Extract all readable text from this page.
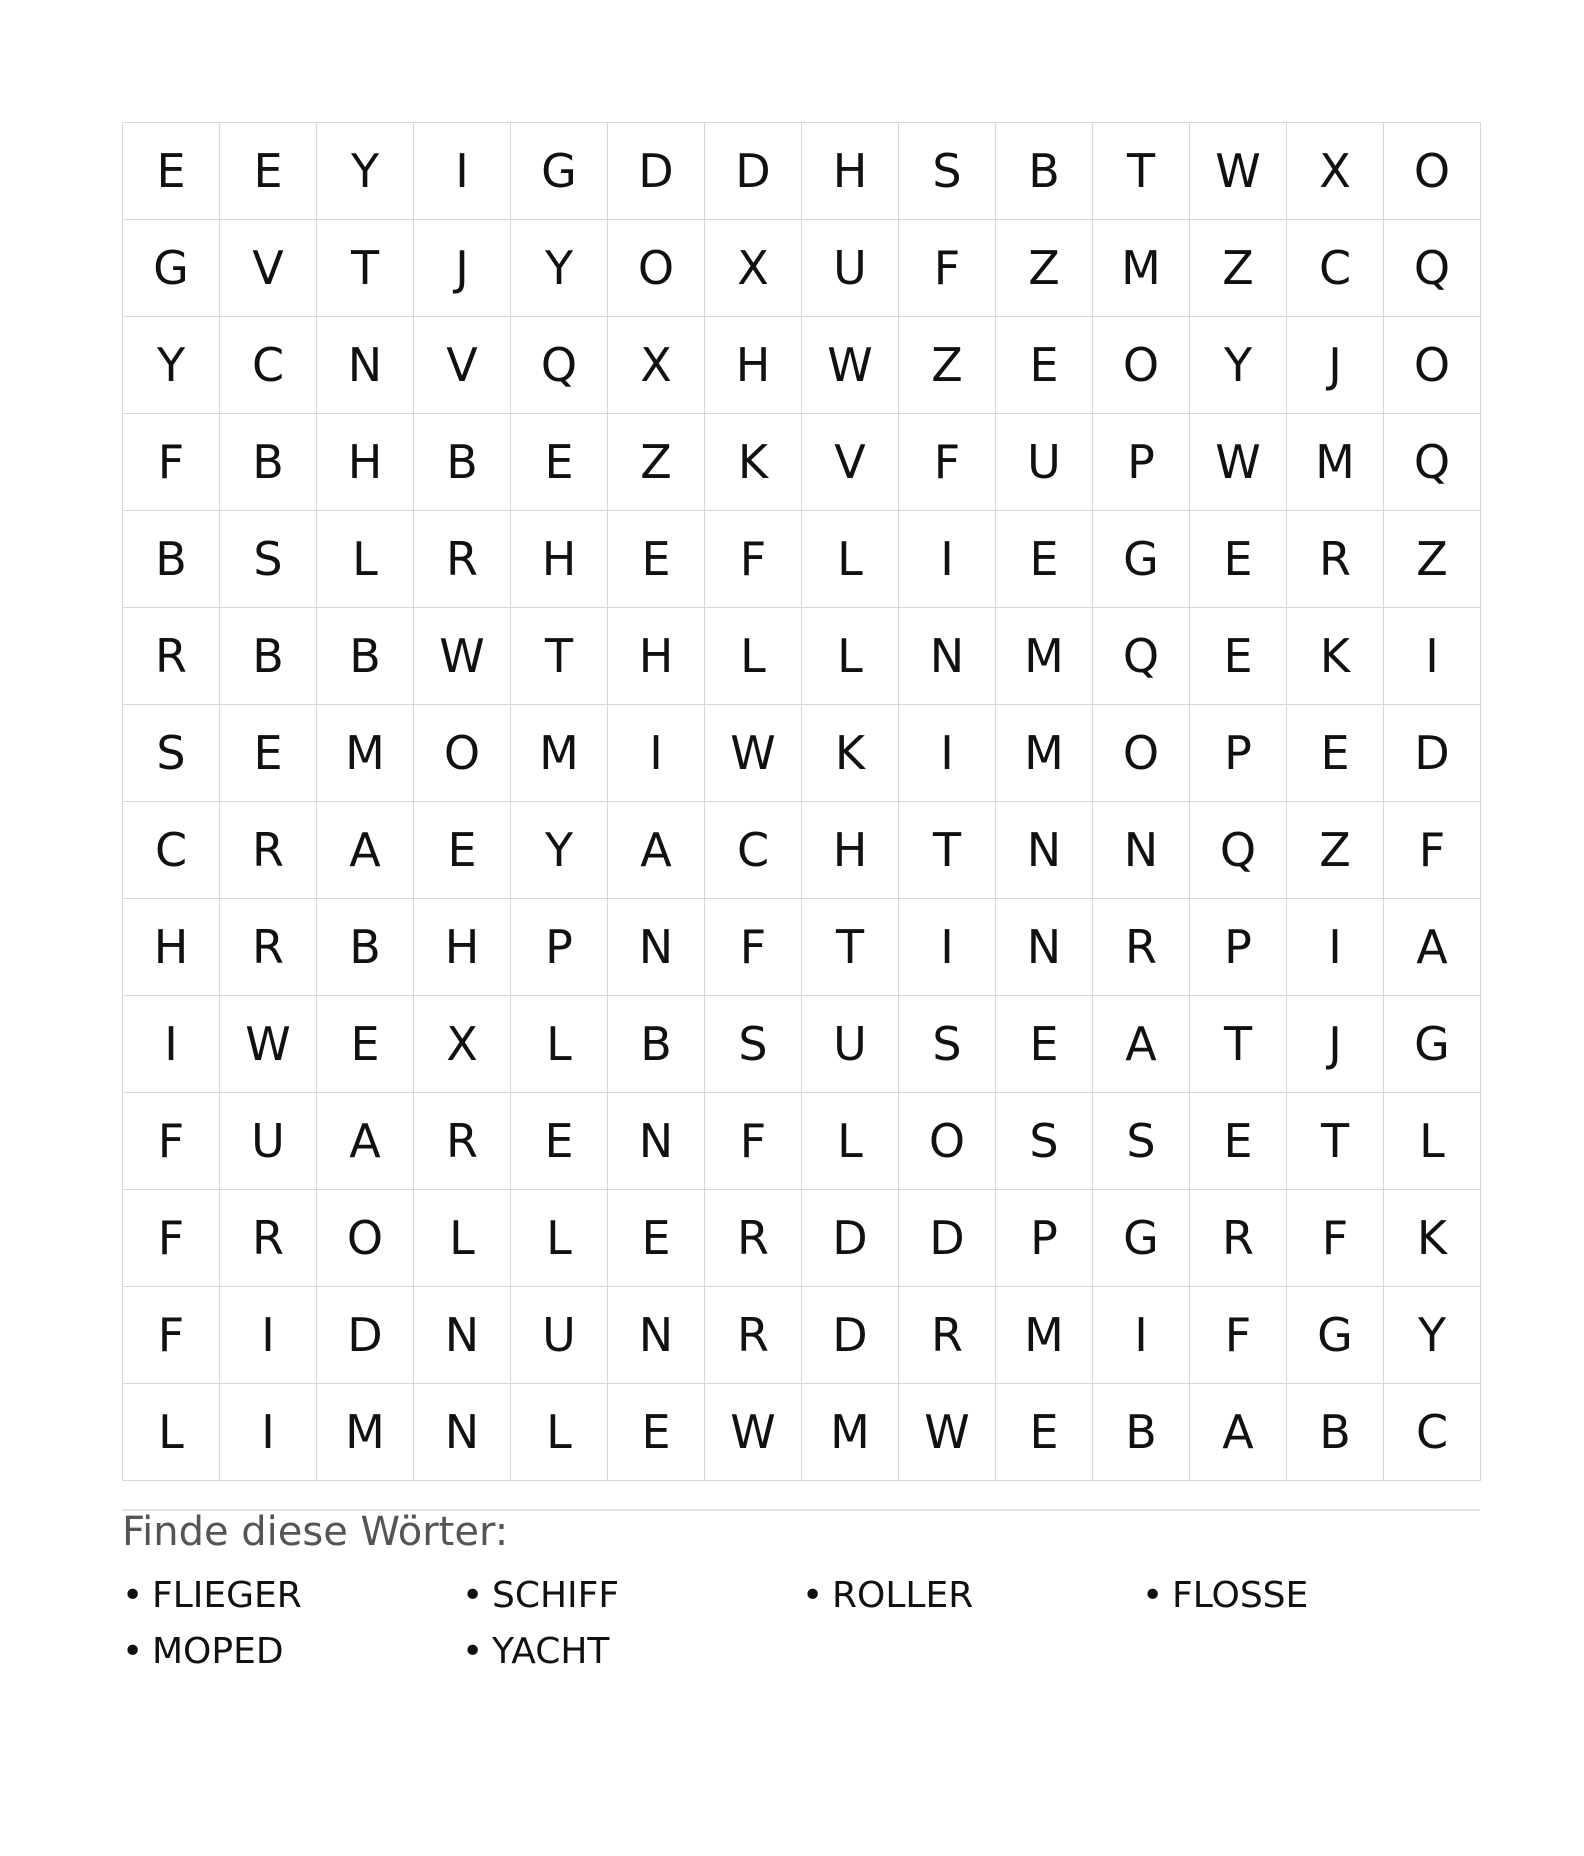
E	E	Y	I	G	D	D	H	S	B	T	W	X	O
G	V	T	J	Y	O	X	U	F	Z	M	Z	C	Q
Y	C	N	V	Q	X	H	W	Z	E	O	Y	J	O
F	B	H	B	E	Z	K	V	F	U	P	W	M	Q
B	S	L	R	H	E	F	L	I	E	G	E	R	Z
R	B	B	W	T	H	L	L	N	M	Q	E	K	I
S	E	M	O	M	I	W	K	I	M	O	P	E	D
C	R	A	E	Y	A	C	H	T	N	N	Q	Z	F
H	R	B	H	P	N	F	T	I	N	R	P	I	A
I	W	E	X	L	B	S	U	S	E	A	T	J	G
F	U	A	R	E	N	F	L	O	S	S	E	T	L
F	R	O	L	L	E	R	D	D	P	G	R	F	K
F	I	D	N	U	N	R	D	R	M	I	F	G	Y
L	I	M	N	L	E	W	M	W	E	B	A	B	C

Finde diese Wörter:

• FLIEGER	• SCHIFF	• ROLLER	• FLOSSE
• MOPED	• YACHT
